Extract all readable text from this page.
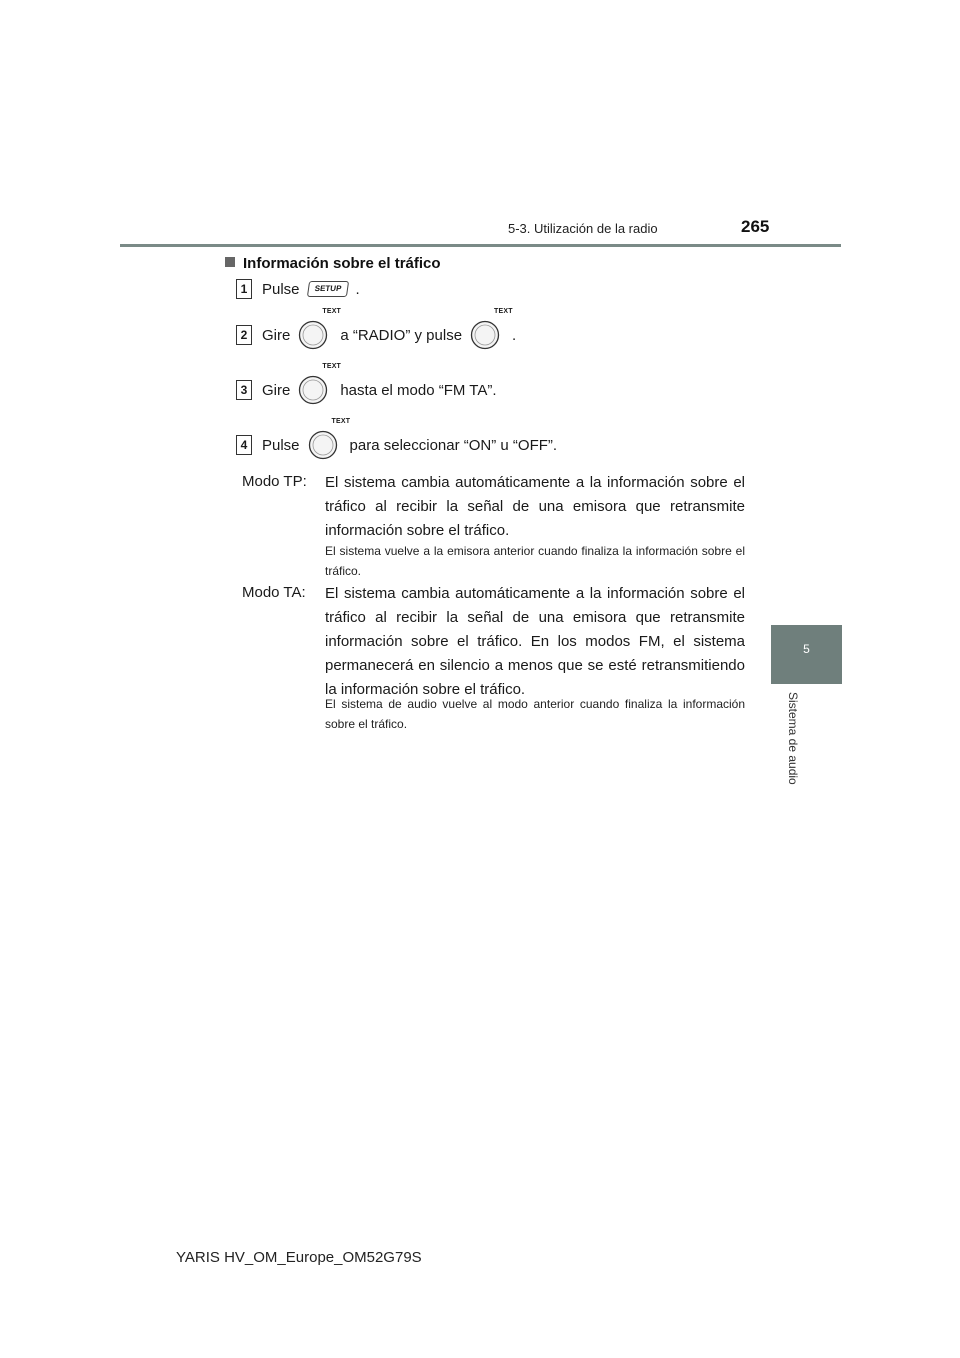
5-3. Utilización de la radio	265
5
Sistema de audio
Información sobre el tráfico
1 Pulse	SETUP .
2 Gire
TEXT
a “RADIO” y pulse
TEXT
.
3 Gire
TEXT
hasta el modo “FM TA”.
4 Pulse
TEXT
para seleccionar “ON” u “OFF”.
Modo TP: El sistema cambia automáticamente a la información sobre el tráfico al recibir la señal de una emisora que retransmite información sobre el tráfico.
El sistema vuelve a la emisora anterior cuando finaliza la información sobre el tráfico.
Modo TA: El sistema cambia automáticamente a la información sobre el tráfico al recibir la señal de una emisora que retransmite información sobre el tráfico. En los modos FM, el sistema permanecerá en silencio a menos que se esté retransmitiendo la información sobre el tráfico.
El sistema de audio vuelve al modo anterior cuando finaliza la información sobre el tráfico.
YARIS HV_OM_Europe_OM52G79S
